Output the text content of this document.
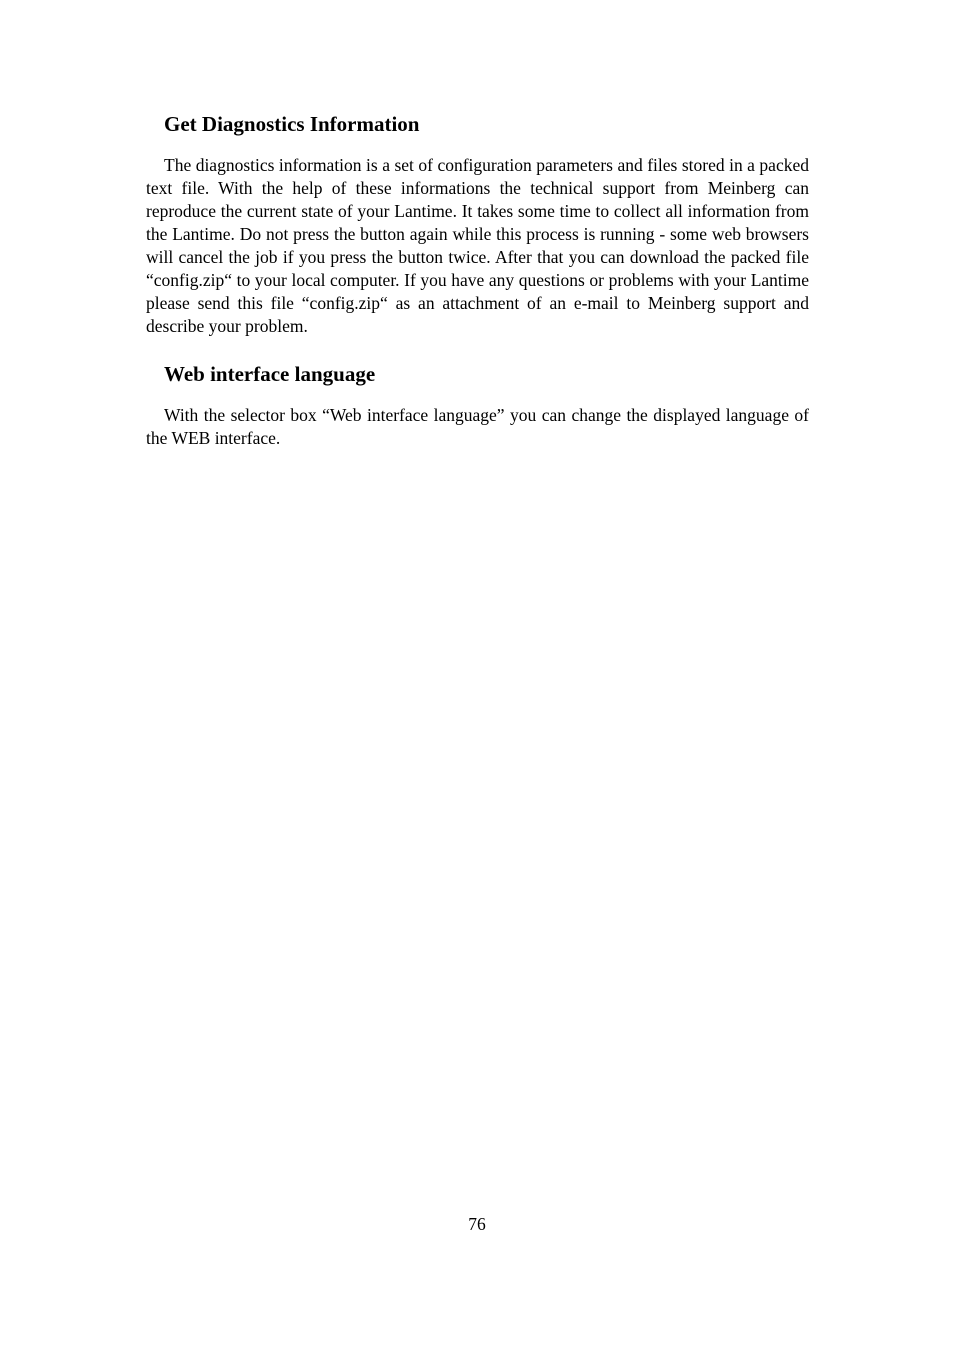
Get Diagnostics Information

The diagnostics information is a set of configuration parameters and files stored in a packed text file. With the help of these informations the technical support from Meinberg can reproduce the current state of your Lantime. It takes some time to collect all information from the Lantime. Do not press the button again while this process is running - some web browsers will cancel the job if you press the button twice. After that you can download the packed file “config.zip“ to your local computer. If you have any questions or problems with your Lantime please send this file “config.zip“ as an attachment of an e-mail to Meinberg support and describe your problem.

Web interface language

With the selector box “Web interface language” you can change the displayed language of the WEB interface.

76
